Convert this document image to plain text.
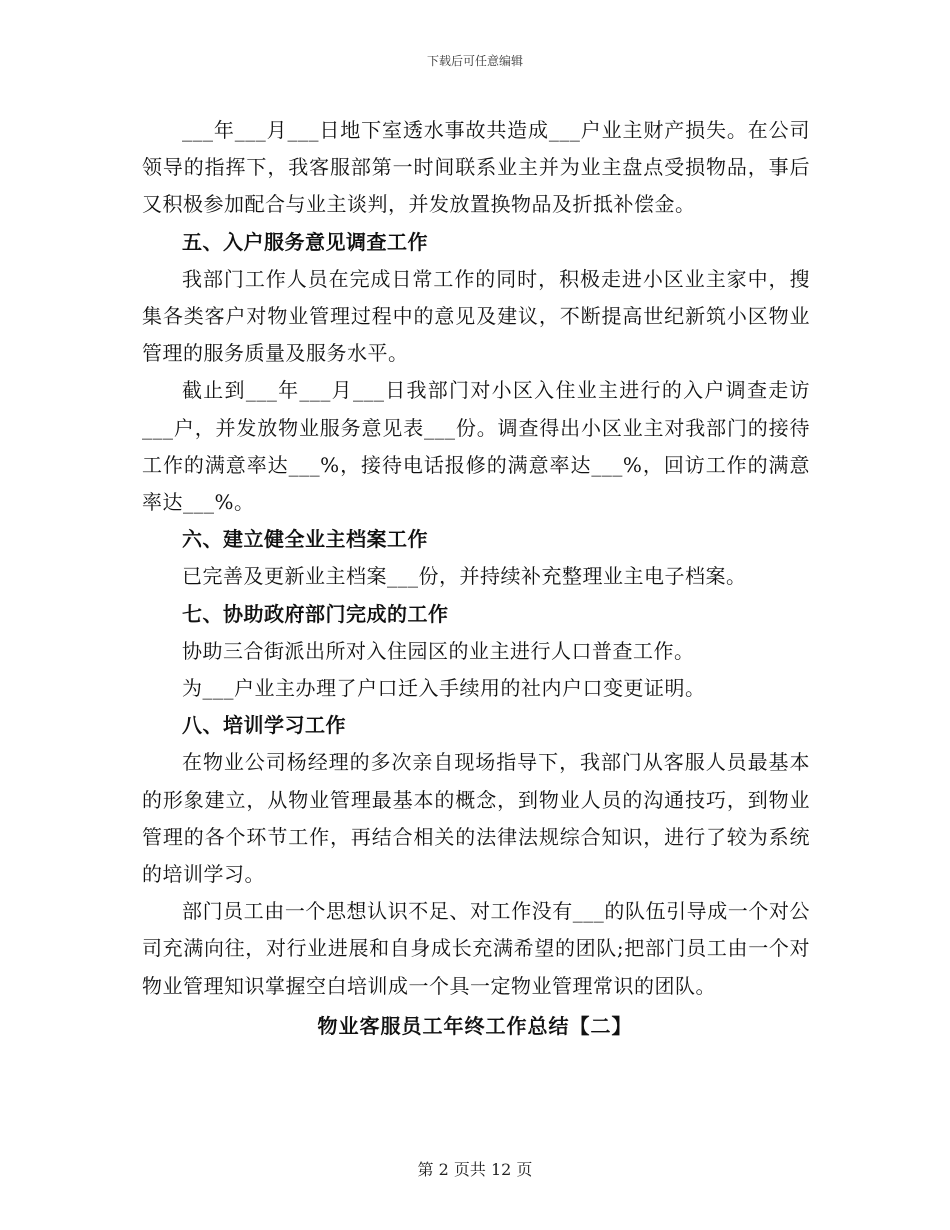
下载后可任意编辑

___年___月___日地下室透水事故共造成___户业主财产损失。在公司领导的指挥下，我客服部第一时间联系业主并为业主盘点受损物品，事后又积极参加配合与业主谈判，并发放置换物品及折抵补偿金。

五、入户服务意见调查工作

我部门工作人员在完成日常工作的同时，积极走进小区业主家中，搜集各类客户对物业管理过程中的意见及建议，不断提高世纪新筑小区物业管理的服务质量及服务水平。

截止到___年___月___日我部门对小区入住业主进行的入户调查走访___户，并发放物业服务意见表___份。调查得出小区业主对我部门的接待工作的满意率达___%，接待电话报修的满意率达___%，回访工作的满意率达___%。

六、建立健全业主档案工作

已完善及更新业主档案___份，并持续补充整理业主电子档案。

七、协助政府部门完成的工作

协助三合街派出所对入住园区的业主进行人口普查工作。

为___户业主办理了户口迁入手续用的社内户口变更证明。

八、培训学习工作

在物业公司杨经理的多次亲自现场指导下，我部门从客服人员最基本的形象建立，从物业管理最基本的概念，到物业人员的沟通技巧，到物业管理的各个环节工作，再结合相关的法律法规综合知识，进行了较为系统的培训学习。

部门员工由一个思想认识不足、对工作没有___的队伍引导成一个对公司充满向往，对行业进展和自身成长充满希望的团队;把部门员工由一个对物业管理知识掌握空白培训成一个具一定物业管理常识的团队。

物业客服员工年终工作总结【二】
第 2 页共 12 页
